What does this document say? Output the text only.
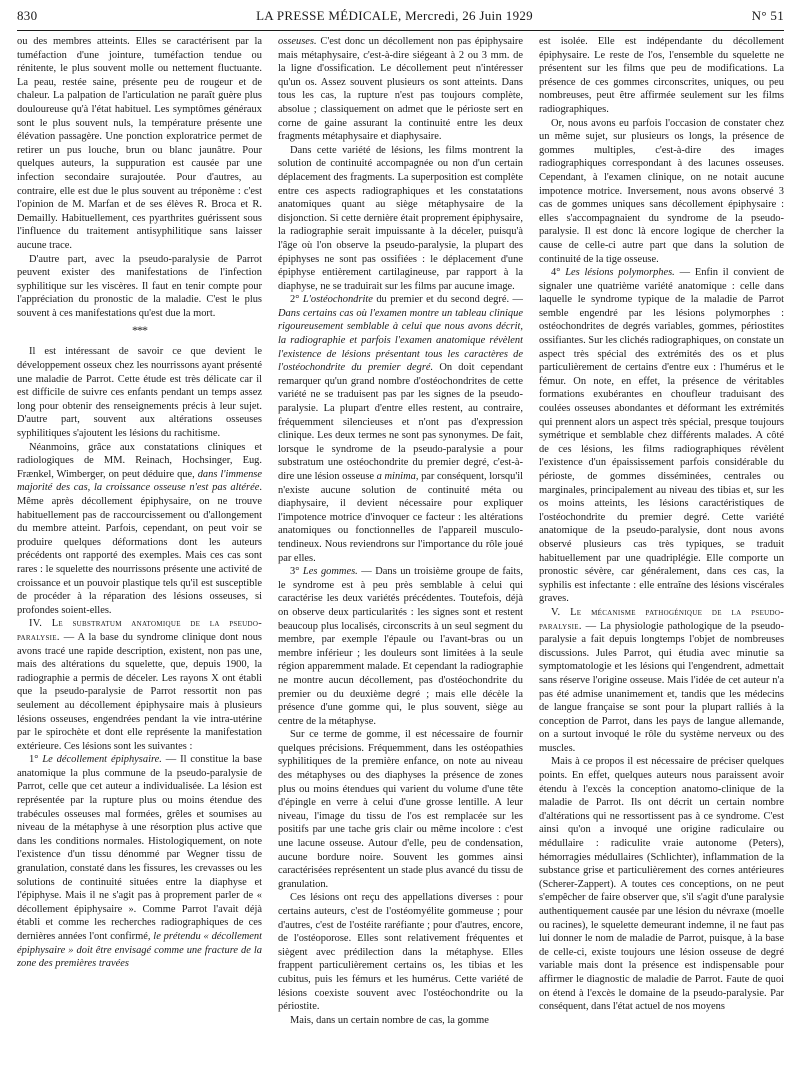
830	LA PRESSE MÉDICALE, Mercredi, 26 Juin 1929	N° 51

ou des membres atteints. Elles se caractérisent par la tuméfaction d'une jointure, tuméfaction tendue ou rénitente, le plus souvent molle ou nettement fluctuante. La peau, restée saine, présente peu de rougeur et de chaleur. La palpation de l'articulation ne paraît guère plus douloureuse qu'à l'état habituel. Les symptômes généraux sont le plus souvent nuls, la température présente une élévation passagère. Une ponction exploratrice permet de retirer un pus louche, brun ou blanc jaunâtre. Pour quelques auteurs, la suppuration est causée par une infection secondaire surajoutée. Pour d'autres, au contraire, elle est due le plus souvent au tréponème : c'est l'opinion de M. Marfan et de ses élèves R. Broca et R. Demailly. Habituellement, ces pyarthrites guérissent sous l'influence du traitement antisyphilitique sans laisser aucune trace.

D'autre part, avec la pseudo-paralysie de Parrot peuvent exister des manifestations de l'infection syphilitique sur les viscères. Il faut en tenir compte pour l'appréciation du pronostic de la maladie. C'est le plus souvent à ces manifestations qu'est due la mort.

***

Il est intéressant de savoir ce que devient le développement osseux chez les nourrissons ayant présenté une maladie de Parrot. Cette étude est très délicate car il est difficile de suivre ces enfants pendant un temps assez long pour obtenir des renseignements précis à leur sujet. D'autre part, souvent aux altérations osseuses syphilitiques s'ajoutent les lésions du rachitisme.

Néanmoins, grâce aux constatations cliniques et radiologiques de MM. Reinach, Hochsinger, Eug. Frænkel, Wimberger, on peut déduire que, dans l'immense majorité des cas, la croissance osseuse n'est pas altérée. Même après décollement épiphysaire, on ne trouve habituellement pas de raccourcissement ou d'allongement du membre atteint. Parfois, cependant, on peut voir se produire quelques déformations dont les auteurs précédents ont rapporté des exemples. Mais ces cas sont rares : le squelette des nourrissons présente une activité de croissance et un pouvoir plastique tels qu'il est susceptible de procéder à la réparation des lésions osseuses, si profondes soient-elles.

IV. Le substratum anatomique de la pseudo-paralysie. — A la base du syndrome clinique dont nous avons tracé une rapide description, existent, non pas une, mais des altérations du squelette, que, depuis 1900, la radiographie a permis de déceler. Les rayons X ont établi que la pseudo-paralysie de Parrot ressortit non pas seulement au décollement épiphysaire mais à plusieurs lésions osseuses, engendrées pendant la vie intra-utérine par le spirochète et dont elle représente la manifestation extérieure. Ces lésions sont les suivantes :

1° Le décollement épiphysaire. — Il constitue la base anatomique la plus commune de la pseudo-paralysie de Parrot, celle que cet auteur a individualisée. La lésion est représentée par la rupture plus ou moins étendue des trabécules osseuses mal formées, grêles et soumises au niveau de la métaphyse à une résorption plus active que dans les conditions normales. Histologiquement, on note l'existence d'un tissu dénommé par Wegner tissu de granulation, constaté dans les fissures, les crevasses ou les solutions de continuité situées entre la diaphyse et l'épiphyse. Mais il ne s'agit pas à proprement parler de « décollement épiphysaire ». Comme Parrot l'avait déjà établi et comme les recherches radiographiques de ces dernières années l'ont confirmé, le prétendu « décollement épiphysaire » doit être envisagé comme une fracture de la zone des premières travées

osseuses. C'est donc un décollement non pas épiphysaire mais métaphysaire, c'est-à-dire siégeant à 2 ou 3 mm. de la ligne d'ossification. Le décollement peut n'intéresser qu'un os. Assez souvent plusieurs os sont atteints. Dans tous les cas, la rupture n'est pas toujours complète, absolue ; classiquement on admet que le périoste sert en corne de gaine assurant la continuité entre les deux fragments métaphysaire et diaphysaire.

Dans cette variété de lésions, les films montrent la solution de continuité accompagnée ou non d'un certain déplacement des fragments. La superposition est complète entre ces aspects radiographiques et les constatations anatomiques quant au siège métaphysaire de la disjonction. Si cette dernière était proprement épiphysaire, la radiographie serait impuissante à la déceler, puisqu'à l'âge où l'on observe la pseudo-paralysie, la plupart des épiphyses ne sont pas ossifiées : le déplacement d'une épiphyse entièrement cartilagineuse, par rapport à la diaphyse, ne se traduirait sur les films par aucune image.

2° L'ostéochondrite du premier et du second degré. — Dans certains cas où l'examen montre un tableau clinique rigoureusement semblable à celui que nous avons décrit, la radiographie et parfois l'examen anatomique révèlent l'existence de lésions présentant tous les caractères de l'ostéochondrite du premier degré. On doit cependant remarquer qu'un grand nombre d'ostéochondrites de cette variété ne se traduisent pas par les signes de la pseudo-paralysie. La plupart d'entre elles restent, au contraire, fréquemment silencieuses et n'ont pas d'expression clinique. Les deux termes ne sont pas synonymes. De fait, lorsque le syndrome de la pseudo-paralysie a pour substratum une ostéochondrite du premier degré, c'est-à-dire une lésion osseuse a minima, par conséquent, lorsqu'il n'existe aucune solution de continuité méta ou diaphysaire, il devient nécessaire pour expliquer l'impotence motrice d'invoquer ce facteur : les altérations anatomiques ou fonctionnelles de l'appareil musculo-tendineux. Nous reviendrons sur l'importance du rôle joué par elles.

3° Les gommes. — Dans un troisième groupe de faits, le syndrome est à peu près semblable à celui qui caractérise les deux variétés précédentes. Toutefois, déjà on observe deux particularités : les signes sont et restent beaucoup plus localisés, circonscrits à un seul segment du membre, par exemple l'épaule ou l'avant-bras ou un membre inférieur ; les douleurs sont limitées à la seule région apparemment malade. Et cependant la radiographie ne montre aucun décollement, pas d'ostéochondrite du premier ou du deuxième degré ; mais elle décèle la présence d'une gomme qui, le plus souvent, siège au centre de la métaphyse.

Sur ce terme de gomme, il est nécessaire de fournir quelques précisions. Fréquemment, dans les ostéopathies syphilitiques de la première enfance, on note au niveau des métaphyses ou des diaphyses la présence de zones plus ou moins étendues qui varient du volume d'une tête d'épingle en verre à celui d'une grosse lentille. A leur niveau, l'image du tissu de l'os est remplacée sur les positifs par une tache gris clair ou même incolore : c'est une lacune osseuse. Autour d'elle, peu de condensation, aucune bordure noire. Souvent les gommes ainsi caractérisées représentent un stade plus avancé du tissu de granulation.

Ces lésions ont reçu des appellations diverses : pour certains auteurs, c'est de l'ostéomyélite gommeuse ; pour d'autres, c'est de l'ostéite raréfiante ; pour d'autres, encore, de l'ostéoporose. Elles sont relativement fréquentes et siègent avec prédilection dans la métaphyse. Elles frappent particulièrement certains os, les tibias et les cubitus, puis les fémurs et les humérus. Cette variété de lésions coexiste souvent avec l'ostéochondrite ou la périostite.

Mais, dans un certain nombre de cas, la gomme

est isolée. Elle est indépendante du décollement épiphysaire. Le reste de l'os, l'ensemble du squelette ne présentent sur les films que peu de modifications. La présence de ces gommes circonscrites, uniques, ou peu nombreuses, peut être affirmée seulement sur les films radiographiques.

Or, nous avons eu parfois l'occasion de constater chez un même sujet, sur plusieurs os longs, la présence de gommes multiples, c'est-à-dire des images radiographiques correspondant à des lacunes osseuses. Cependant, à l'examen clinique, on ne notait aucune impotence motrice. Inversement, nous avons observé 3 cas de gommes uniques sans décollement épiphysaire : elles s'accompagnaient du syndrome de la pseudo-paralysie. Il est donc là encore logique de chercher la cause de celle-ci autre part que dans la solution de continuité de la tige osseuse.

4° Les lésions polymorphes. — Enfin il convient de signaler une quatrième variété anatomique : celle dans laquelle le syndrome typique de la maladie de Parrot semble engendré par les lésions polymorphes : ostéochondrites de degrés variables, gommes, périostites ossifiantes. Sur les clichés radiographiques, on constate un aspect très spécial des extrémités des os et plus particulièrement de certains d'entre eux : l'humérus et le fémur. On note, en effet, la présence de véritables formations exubérantes en choufleur traduisant des coulées osseuses abondantes et déformant les extrémités qui prennent alors un aspect très spécial, presque toujours symétrique et semblable chez différents malades. A côté de ces lésions, les films radiographiques révèlent l'existence d'un épaississement parfois considérable du périoste, de gommes disséminées, centrales ou marginales, principalement au niveau des tibias et, sur les os moins atteints, les lésions caractéristiques de l'ostéochondrite du premier degré. Cette variété anatomique de la pseudo-paralysie, dont nous avons observé plusieurs cas très typiques, se traduit habituellement par une quadriplégie. Elle comporte un pronostic sévère, car généralement, dans ces cas, la syphilis est infectante : elle entraîne des lésions viscérales graves.

V. Le mécanisme pathogénique de la pseudo-paralysie. — La physiologie pathologique de la pseudo-paralysie a fait depuis longtemps l'objet de nombreuses discussions. Jules Parrot, qui étudia avec minutie sa symptomatologie et les lésions qui l'engendrent, admettait sans réserve l'origine osseuse. Mais l'idée de cet auteur n'a pas été admise unanimement et, tandis que les médecins de langue française se sont pour la plupart ralliés à la conception de Parrot, dans les pays de langue allemande, on a surtout invoqué le rôle du système nerveux ou des muscles.

Mais à ce propos il est nécessaire de préciser quelques points. En effet, quelques auteurs nous paraissent avoir étendu à l'excès la conception anatomo-clinique de la maladie de Parrot. Ils ont décrit un certain nombre d'altérations qui ne ressortissent pas à ce syndrome. C'est ainsi qu'on a invoqué une origine radiculaire ou médullaire : radiculite vraie autonome (Peters), hémorragies médullaires (Schlichter), inflammation de la substance grise et particulièrement des cornes antérieures (Scherer-Zappert). A toutes ces conceptions, on ne peut s'empêcher de faire observer que, s'il s'agit d'une paralysie authentiquement causée par une lésion du névraxe (moelle ou racines), le squelette demeurant indemne, il ne faut pas lui donner le nom de maladie de Parrot, puisque, à la base de celle-ci, existe toujours une lésion osseuse de degré variable mais dont la présence est indispensable pour affirmer le diagnostic de maladie de Parrot. Faute de quoi on étend à l'excès le domaine de la pseudo-paralysie. Par conséquent, dans l'état actuel de nos moyens
